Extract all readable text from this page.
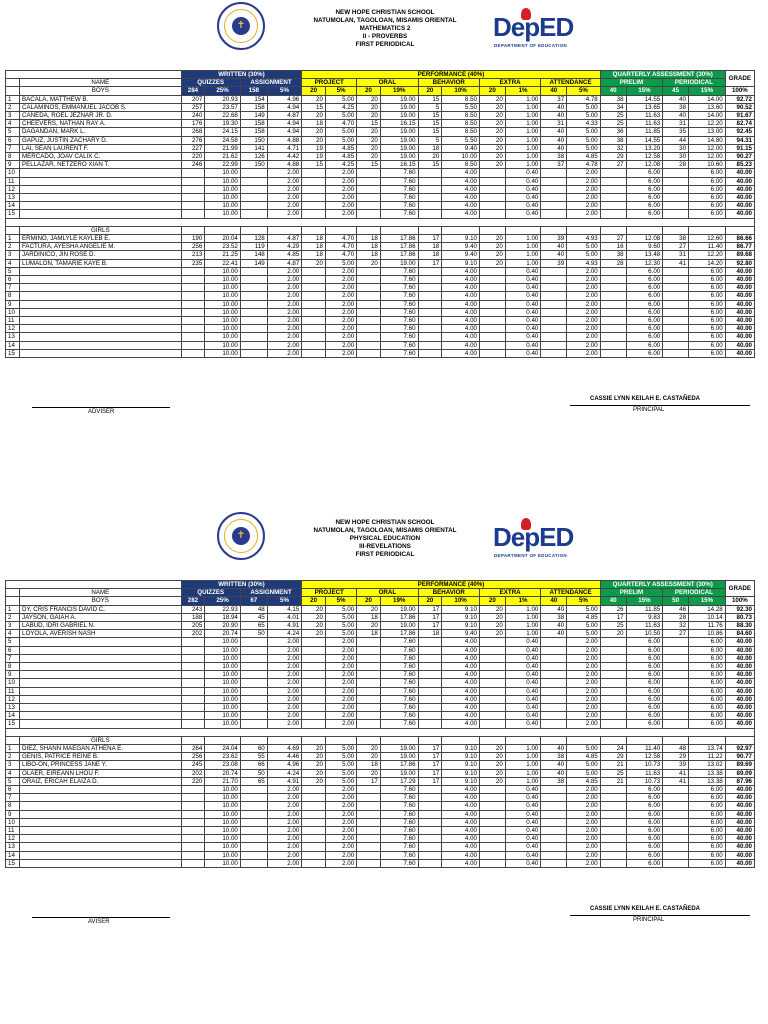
✝
NEW HOPE CHRISTIAN SCHOOL
NATUMOLAN, TAGOLOAN, MISAMIS ORIENTAL
MATHEMATICS 2
II - PROVERBS
FIRST PERIODICAL
DepED
DEPARTMENT OF EDUCATION
		WRITTEN (30%)				PERFORMANCE (40%)										QUARTERLY ASSESSMENT (30%)				GRADE
	NAME	QUIZZES		ASSIGNMENT		PROJECT		ORAL		BEHAVIOR		EXTRA		ATTENDANCE		PRELIM		PERIODICAL		
	BOYS	284	25%	158	5%	20	5%	20	19%	20	10%	20	1%	40	5%	40	15%	45	15%	100%
1	BACALA, MATTHEW B.	207	20.93	154	4.96	20	5.00	20	19.00	15	8.50	20	1.00	37	4.78	38	14.55	40	14.00	92.72
2	CALAMINOS, EMMANUEL JACOB S.	257	23.57	158	4.94	15	4.25	20	19.00	5	5.50	20	1.00	40	5.00	34	13.65	38	13.60	90.52
3	CAÑEDA, ROEL JEZNAR JR. D.	240	22.68	149	4.87	20	5.00	20	19.00	15	8.50	20	1.00	40	5.00	25	11.63	40	14.00	91.67
4	CHEEVERS, NATHAN RAY A.	176	19.30	158	4.94	18	4.70	15	16.15	15	8.50	20	1.00	31	4.33	25	11.63	31	12.20	82.74
5	DAGANDAN, MARK L.	268	24.15	158	4.94	20	5.00	20	19.00	15	8.50	20	1.00	40	5.00	36	11.85	35	13.00	92.45
6	GAPUZ, JUSTIN ZACHARY D.	276	24.58	150	4.88	20	5.00	20	19.00	5	5.50	20	1.00	40	5.00	38	14.55	44	14.80	94.31
7	LAI, SEAN LAURENT F.	227	21.99	141	4.71	19	4.85	20	19.00	18	9.40	20	1.00	40	5.00	32	13.20	30	12.00	91.15
8	MERCADO, JOAV CALIX C.	220	21.62	126	4.42	19	4.85	20	19.00	20	10.00	20	1.00	38	4.85	29	12.58	30	12.00	90.27
9	PELLAZAR, NETZERO XIAN T.	246	22.99	150	4.88	15	4.25	15	16.15	15	8.50	20	1.00	37	4.78	27	12.08	28	10.60	85.23
10			10.00		2.00		2.00		7.60		4.00		0.40		2.00		6.00		6.00	40.00
11			10.00		2.00		2.00		7.60		4.00		0.40		2.00		6.00		6.00	40.00
12			10.00		2.00		2.00		7.60		4.00		0.40		2.00		6.00		6.00	40.00
13			10.00		2.00		2.00		7.60		4.00		0.40		2.00		6.00		6.00	40.00
14			10.00		2.00		2.00		7.60		4.00		0.40		2.00		6.00		6.00	40.00
15			10.00		2.00		2.00		7.60		4.00		0.40		2.00		6.00		6.00	40.00

	GIRLS																			
1	ERMINO, JAMLYLE KAYLEB E.	190	20.04	128	4.87	18	4.70	18	17.86	17	9.10	20	1.00	39	4.93	27	12.08	38	12.60	86.66
2	FACTURA, AYESHA ANGELIE M.	256	23.52	119	4.29	18	4.70	18	17.86	18	9.40	20	1.00	40	5.00	16	9.60	27	11.40	86.77
3	JARDINICO, JIN ROSE D.	213	21.25	148	4.85	18	4.70	18	17.86	18	9.40	20	1.00	40	5.00	38	13.48	31	12.20	89.68
4	LUMALON, TAMARIE KAYE B.	235	22.41	149	4.87	20	5.00	20	19.00	17	9.10	20	1.00	39	4.93	28	12.30	41	14.20	92.80
5			10.00		2.00		2.00		7.60		4.00		0.40		2.00		6.00		6.00	40.00
6			10.00		2.00		2.00		7.60		4.00		0.40		2.00		6.00		6.00	40.00
7			10.00		2.00		2.00		7.60		4.00		0.40		2.00		6.00		6.00	40.00
8			10.00		2.00		2.00		7.60		4.00		0.40		2.00		6.00		6.00	40.00
9			10.00		2.00		2.00		7.60		4.00		0.40		2.00		6.00		6.00	40.00
10			10.00		2.00		2.00		7.60		4.00		0.40		2.00		6.00		6.00	40.00
11			10.00		2.00		2.00		7.60		4.00		0.40		2.00		6.00		6.00	40.00
12			10.00		2.00		2.00		7.60		4.00		0.40		2.00		6.00		6.00	40.00
13			10.00		2.00		2.00		7.60		4.00		0.40		2.00		6.00		6.00	40.00
14			10.00		2.00		2.00		7.60		4.00		0.40		2.00		6.00		6.00	40.00
15			10.00		2.00		2.00		7.60		4.00		0.40		2.00		6.00		6.00	40.00
ADVISER
CASSIE LYNN KEILAH E. CASTAÑEDA
PRINCIPAL
✝
NEW HOPE CHRISTIAN SCHOOL
NATUMOLAN, TAGOLOAN, MISAMIS ORIENTAL
PHYSICAL EDUCATION
III-REVELATIONS
FIRST PERIODICAL
DepED
DEPARTMENT OF EDUCATION
		WRITTEN (30%)				PERFORMANCE (40%)										QUARTERLY ASSESSMENT (30%)				GRADE
	NAME	QUIZZES		ASSIGNMENT		PROJECT		ORAL		BEHAVIOR		EXTRA		ATTENDANCE		PRELIM		PERIODICAL		
	BOYS	282	25%	67	5%	20	5%	20	19%	20	10%	20	1%	40	5%	40	15%	50	15%	100%
1	DY, CRIS FRANCIS DAVID C.	243	22.93	48	4.15	20	5.00	20	19.00	17	9.10	20	1.00	40	5.00	26	11.85	46	14.28	92.30
2	JAYSON, GAIAH A.	188	18.94	45	4.01	20	5.00	18	17.86	17	9.10	20	1.00	38	4.85	17	9.83	28	10.14	80.73
3	LABUD, IDRI GABRIEL N.	205	20.90	65	4.91	20	5.00	20	19.00	17	9.10	20	1.00	40	5.00	25	11.63	32	11.76	88.30
4	LOYOLA, AVERISH NASH	202	20.74	50	4.24	20	5.00	18	17.86	18	9.40	20	1.00	40	5.00	20	10.50	27	10.86	84.60
5			10.00		2.00		2.00		7.60		4.00		0.40		2.00		6.00		6.00	40.00
6			10.00		2.00		2.00		7.60		4.00		0.40		2.00		6.00		6.00	40.00
7			10.00		2.00		2.00		7.60		4.00		0.40		2.00		6.00		6.00	40.00
8			10.00		2.00		2.00		7.60		4.00		0.40		2.00		6.00		6.00	40.00
9			10.00		2.00		2.00		7.60		4.00		0.40		2.00		6.00		6.00	40.00
10			10.00		2.00		2.00		7.60		4.00		0.40		2.00		6.00		6.00	40.00
11			10.00		2.00		2.00		7.60		4.00		0.40		2.00		6.00		6.00	40.00
12			10.00		2.00		2.00		7.60		4.00		0.40		2.00		6.00		6.00	40.00
13			10.00		2.00		2.00		7.60		4.00		0.40		2.00		6.00		6.00	40.00
14			10.00		2.00		2.00		7.60		4.00		0.40		2.00		6.00		6.00	40.00
15			10.00		2.00		2.00		7.60		4.00		0.40		2.00		6.00		6.00	40.00

	GIRLS																			
1	DIEZ, SHANN MAEGAN ATHENA E.	264	24.04	60	4.69	20	5.00	20	19.00	17	9.10	20	1.00	40	5.00	24	11.40	48	13.74	92.97
2	GENIS, PATRICE REINE B.	256	23.62	55	4.46	20	5.00	20	19.00	17	9.10	20	1.00	38	4.85	29	12.58	29	11.22	90.77
3	LIBO-ON, PRINCESS JANE Y.	245	23.08	66	4.96	20	5.00	18	17.86	17	9.10	20	1.00	40	5.00	21	10.73	39	13.02	89.69
4	OLAER, EIREANN LHOU F.	202	20.74	50	4.24	20	5.00	20	19.00	17	9.10	20	1.00	40	5.00	25	11.63	41	13.38	89.09
5	ORAIZ, ERICAH ELAIZA D.	220	21.70	65	4.91	20	5.00	17	17.29	17	9.10	20	1.00	38	4.85	21	10.73	41	13.38	87.96
6			10.00		2.00		2.00		7.60		4.00		0.40		2.00		6.00		6.00	40.00
7			10.00		2.00		2.00		7.60		4.00		0.40		2.00		6.00		6.00	40.00
8			10.00		2.00		2.00		7.60		4.00		0.40		2.00		6.00		6.00	40.00
9			10.00		2.00		2.00		7.60		4.00		0.40		2.00		6.00		6.00	40.00
10			10.00		2.00		2.00		7.60		4.00		0.40		2.00		6.00		6.00	40.00
11			10.00		2.00		2.00		7.60		4.00		0.40		2.00		6.00		6.00	40.00
12			10.00		2.00		2.00		7.60		4.00		0.40		2.00		6.00		6.00	40.00
13			10.00		2.00		2.00		7.60		4.00		0.40		2.00		6.00		6.00	40.00
14			10.00		2.00		2.00		7.60		4.00		0.40		2.00		6.00		6.00	40.00
15			10.00		2.00		2.00		7.60		4.00		0.40		2.00		6.00		6.00	40.00
AVISER
CASSIE LYNN KEILAH E. CASTAÑEDA
PRINCIPAL
